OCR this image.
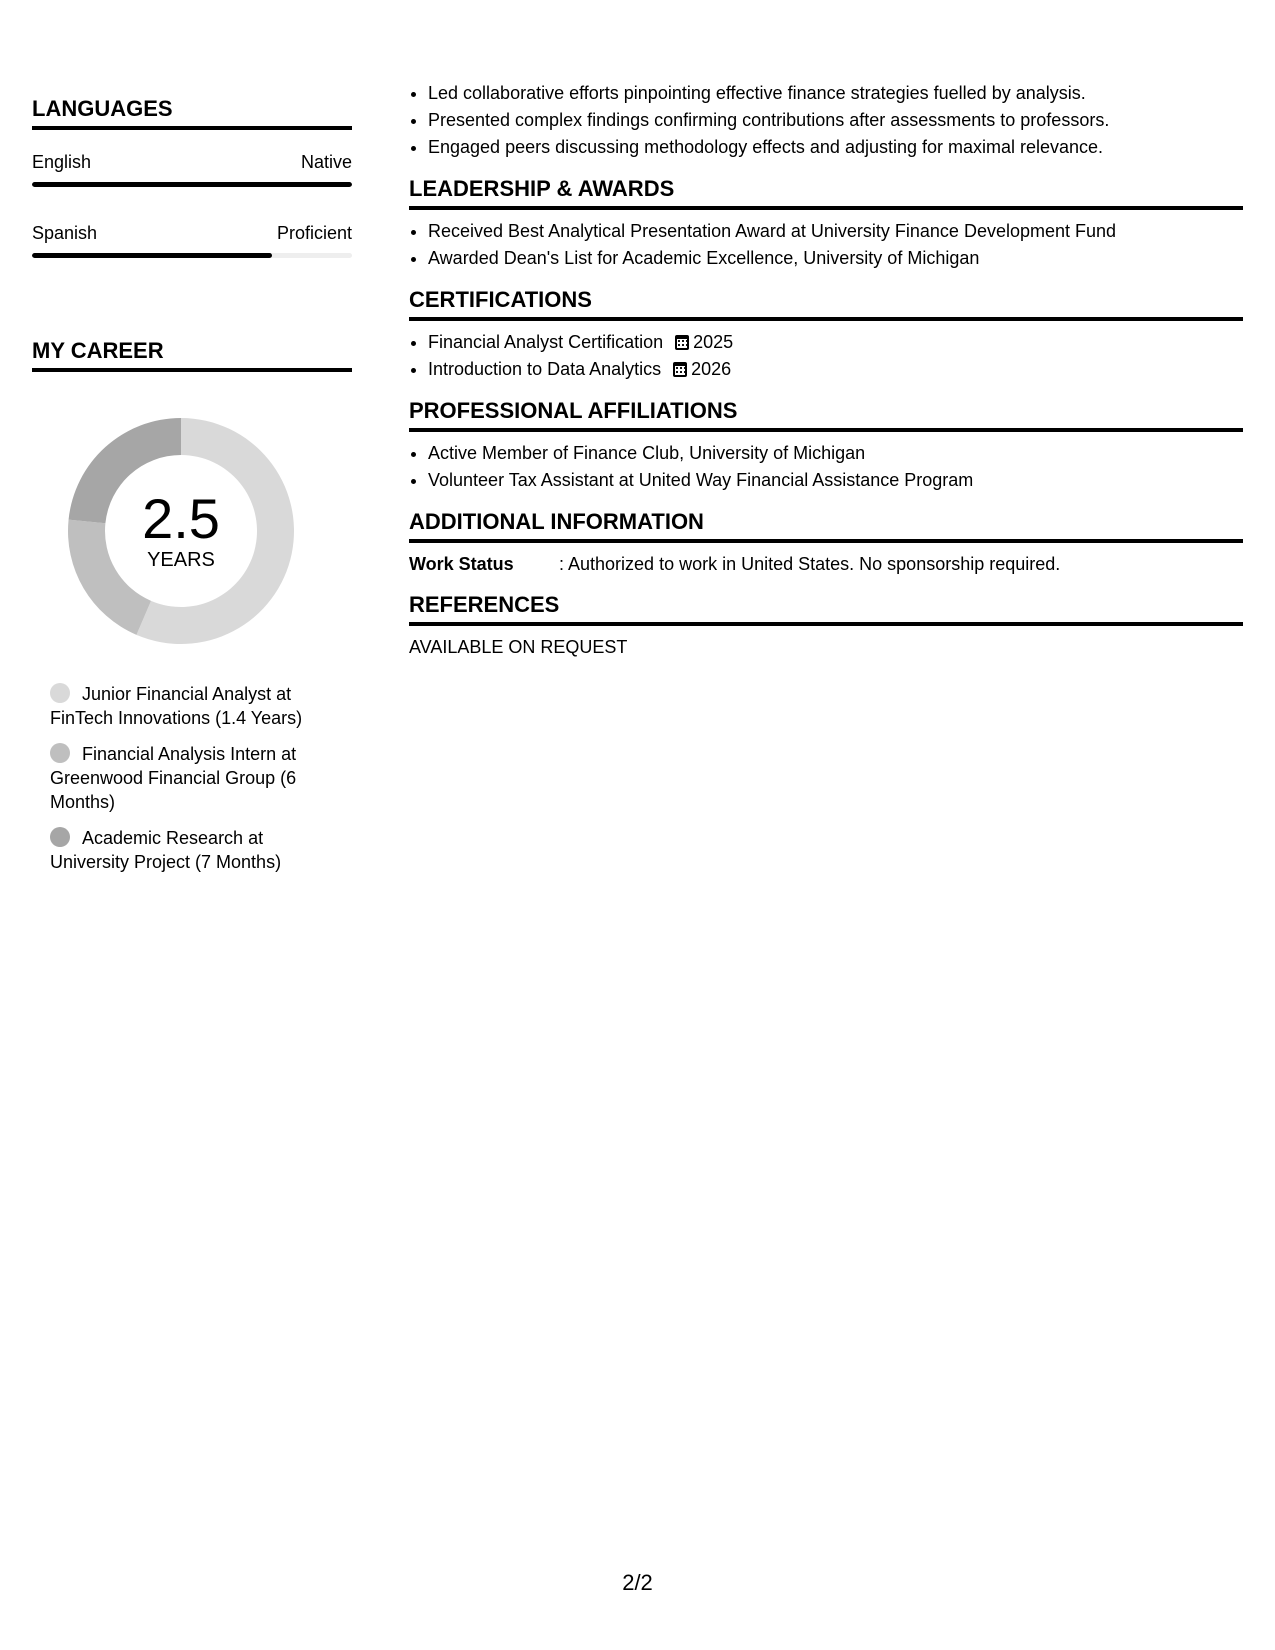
LANGUAGES
English	Native
Spanish	Proficient
MY CAREER
2.5
YEARS
Junior Financial Analyst at FinTech Innovations (1.4 Years)
Financial Analysis Intern at Greenwood Financial Group (6 Months)
Academic Research at University Project (7 Months)
• Led collaborative efforts pinpointing effective finance strategies fuelled by analysis.
• Presented complex findings confirming contributions after assessments to professors.
• Engaged peers discussing methodology effects and adjusting for maximal relevance.
LEADERSHIP & AWARDS
• Received Best Analytical Presentation Award at University Finance Development Fund
• Awarded Dean's List for Academic Excellence, University of Michigan
CERTIFICATIONS
• Financial Analyst Certification 2025
• Introduction to Data Analytics 2026
PROFESSIONAL AFFILIATIONS
• Active Member of Finance Club, University of Michigan
• Volunteer Tax Assistant at United Way Financial Assistance Program
ADDITIONAL INFORMATION
Work Status	: Authorized to work in United States. No sponsorship required.
REFERENCES
AVAILABLE ON REQUEST
2/2
